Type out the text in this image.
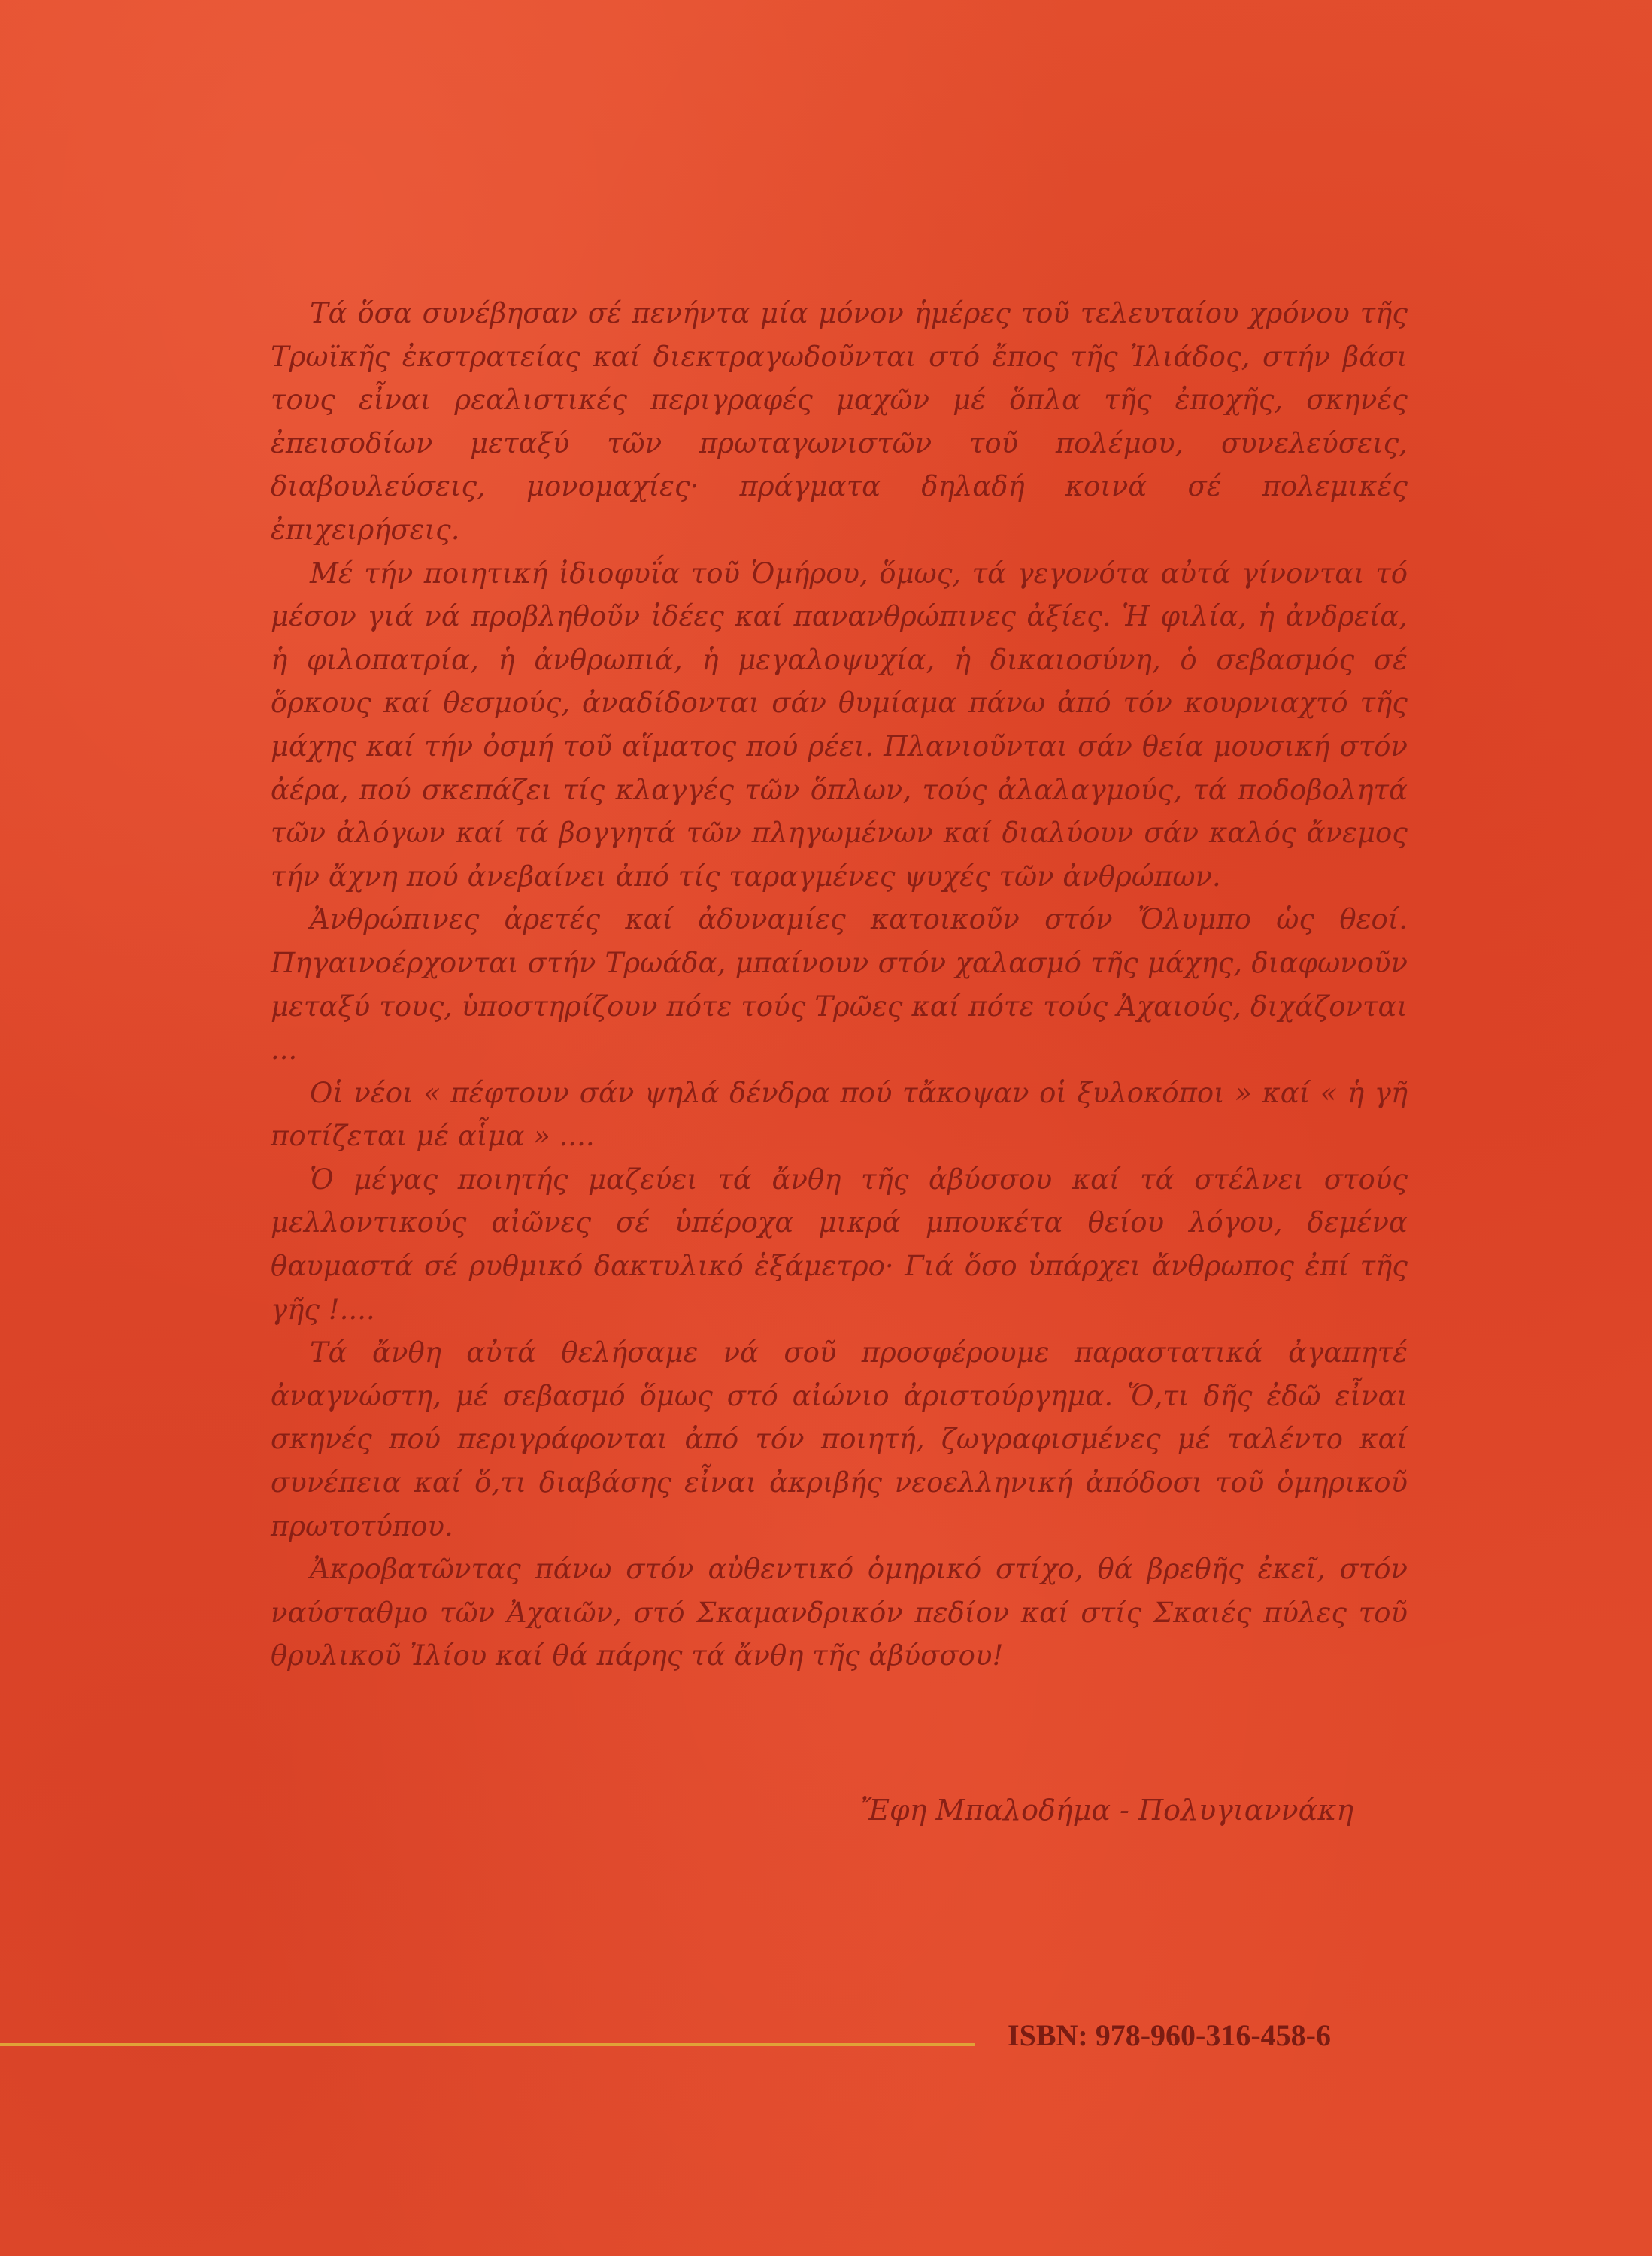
Τά ὅσα συνέβησαν σέ πενήντα μία μόνον ἡμέρες τοῦ τελευταίου χρόνου τῆς Τρωϊκῆς ἐκστρατείας καί διεκτραγωδοῦνται στό ἔπος τῆς Ἰλιάδος, στήν βάσι τους εἶναι ρεαλιστικές περιγραφές μαχῶν μέ ὅπλα τῆς ἐποχῆς, σκηνές ἐπεισοδίων μεταξύ τῶν πρωταγωνιστῶν τοῦ πολέμου, συνελεύσεις, διαβουλεύσεις, μονομαχίες· πράγματα δηλαδή κοινά σέ πολεμικές ἐπιχειρήσεις.

Μέ τήν ποιητική ἰδιοφυΐα τοῦ Ὁμήρου, ὅμως, τά γεγονότα αὐτά γίνονται τό μέσον γιά νά προβληθοῦν ἰδέες καί πανανθρώπινες ἀξίες. Ἡ φιλία, ἡ ἀνδρεία, ἡ φιλοπατρία, ἡ ἀνθρωπιά, ἡ μεγαλοψυχία, ἡ δικαιοσύνη, ὁ σεβασμός σέ ὅρκους καί θεσμούς, ἀναδίδονται σάν θυμίαμα πάνω ἀπό τόν κουρνιαχτό τῆς μάχης καί τήν ὀσμή τοῦ αἵματος πού ρέει. Πλανιοῦνται σάν θεία μουσική στόν ἀέρα, πού σκεπάζει τίς κλαγγές τῶν ὅπλων, τούς ἀλαλαγμούς, τά ποδοβολητά τῶν ἀλόγων καί τά βογγητά τῶν πληγωμένων καί διαλύουν σάν καλός ἄνεμος τήν ἄχνη πού ἀνεβαίνει ἀπό τίς ταραγμένες ψυχές τῶν ἀνθρώπων.

Ἀνθρώπινες ἀρετές καί ἀδυναμίες κατοικοῦν στόν Ὄλυμπο ὡς θεοί. Πηγαινοέρχονται στήν Τρωάδα, μπαίνουν στόν χαλασμό τῆς μάχης, διαφωνοῦν μεταξύ τους, ὑποστηρίζουν πότε τούς Τρῶες καί πότε τούς Ἀχαιούς, διχάζονται ...

Οἱ νέοι « πέφτουν σάν ψηλά δένδρα πού τἄκοψαν οἱ ξυλοκόποι » καί « ἡ γῆ ποτίζεται μέ αἷμα » ....

Ὁ μέγας ποιητής μαζεύει τά ἄνθη τῆς ἀβύσσου καί τά στέλνει στούς μελλοντικούς αἰῶνες σέ ὑπέροχα μικρά μπουκέτα θείου λόγου, δεμένα θαυμαστά σέ ρυθμικό δακτυλικό ἑξάμετρο· Γιά ὅσο ὑπάρχει ἄνθρωπος ἐπί τῆς γῆς !....

Τά ἄνθη αὐτά θελήσαμε νά σοῦ προσφέρουμε παραστατικά ἀγαπητέ ἀναγνώστη, μέ σεβασμό ὅμως στό αἰώνιο ἀριστούργημα. Ὅ,τι δῆς ἐδῶ εἶναι σκηνές πού περιγράφονται ἀπό τόν ποιητή, ζωγραφισμένες μέ ταλέντο καί συνέπεια καί ὅ,τι διαβάσης εἶναι ἀκριβής νεοελληνική ἀπόδοσι τοῦ ὁμηρικοῦ πρωτοτύπου.

Ἀκροβατῶντας πάνω στόν αὐθεντικό ὁμηρικό στίχο, θά βρεθῆς ἐκεῖ, στόν ναύσταθμο τῶν Ἀχαιῶν, στό Σκαμανδρικόν πεδίον καί στίς Σκαιές πύλες τοῦ θρυλικοῦ Ἰλίου καί θά πάρης τά ἄνθη τῆς ἀβύσσου!

Ἔφη Μπαλοδήμα - Πολυγιαννάκη
ISBN: 978-960-316-458-6
